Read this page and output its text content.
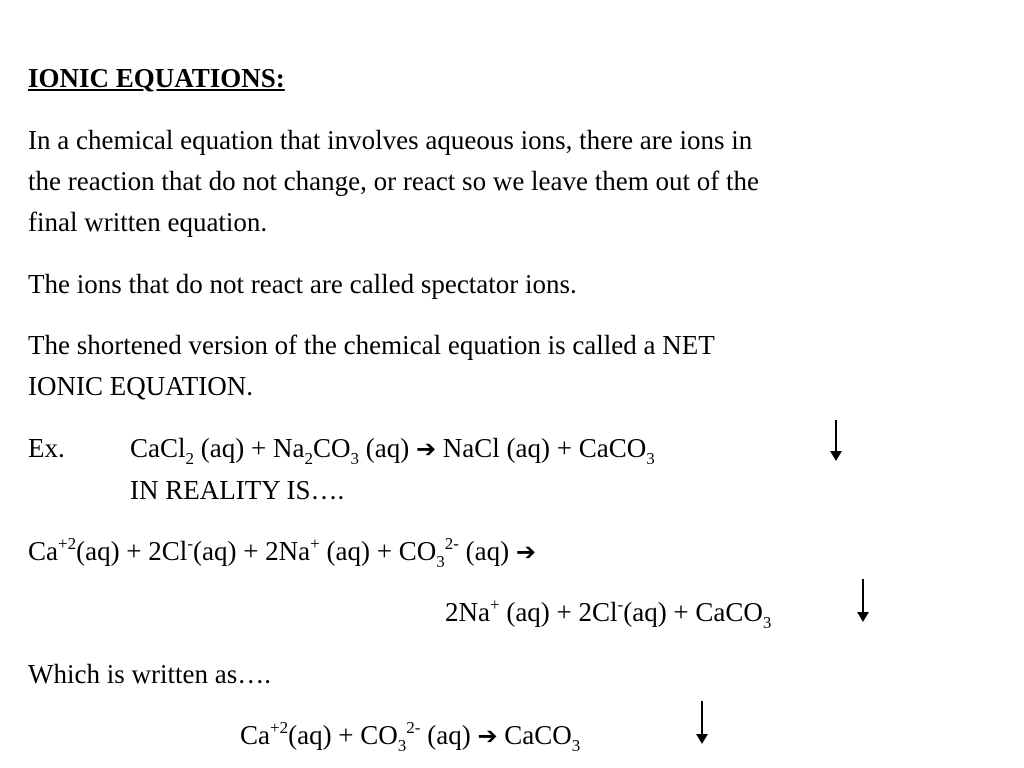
IONIC EQUATIONS:
In a chemical equation that involves aqueous ions, there are ions in
the reaction that do not change, or react so we leave them out of the
final written equation.
The ions that do not react are called spectator ions.
The shortened version of the chemical equation is called a NET
IONIC EQUATION.
Ex. CaCl$_2$ $(aq) + Na_2CO_3$ (aq) ➔ NaCl (aq) + CaCO$_3$
IN REALITY IS….
$Ca^{+2}(aq) + 2Cl^-(aq) + 2Na^+$ $(aq) + CO_3^{2-}$ (aq) ➔
2Na+ (aq) + 2Cl-(aq) + CaCO$_3$
Which is written as….
$Ca^{+2}(aq) + CO_3^{2-}$ (aq) ➔ CaCO$_3$
